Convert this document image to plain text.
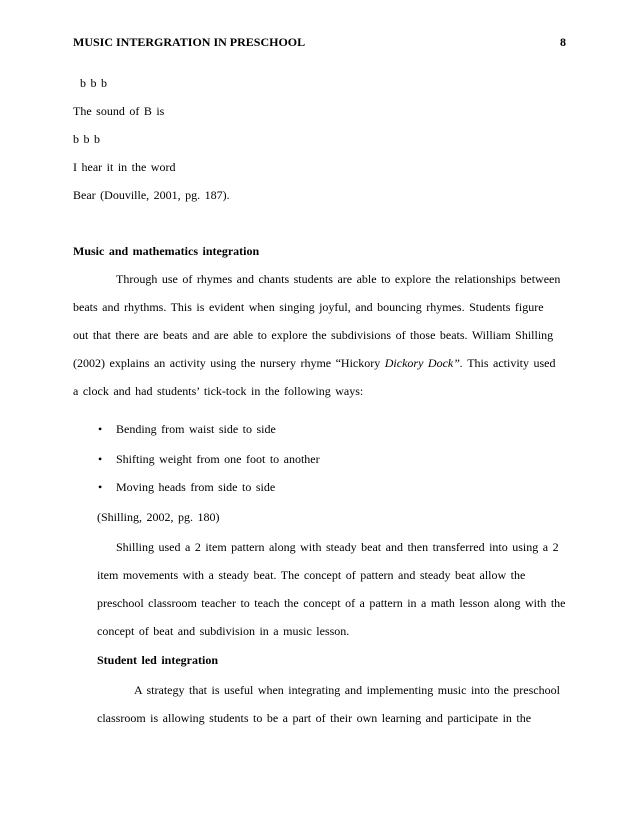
MUSIC INTERGRATION IN PRESCHOOL	8
b b b
The sound of B is
b b b
I hear it in the word
Bear (Douville, 2001, pg. 187).
Music and mathematics integration
Through use of rhymes and chants students are able to explore the relationships between
beats and rhythms. This is evident when singing joyful, and bouncing rhymes. Students figure
out that there are beats and are able to explore the subdivisions of those beats. William Shilling
(2002) explains an activity using the nursery rhyme “Hickory Dickory Dock”. This activity used
a clock and had students’ tick-tock in the following ways:
• Bending from waist side to side
• Shifting weight from one foot to another
• Moving heads from side to side
(Shilling, 2002, pg. 180)
Shilling used a 2 item pattern along with steady beat and then transferred into using a 2
item movements with a steady beat. The concept of pattern and steady beat allow the
preschool classroom teacher to teach the concept of a pattern in a math lesson along with the
concept of beat and subdivision in a music lesson.
Student led integration
A strategy that is useful when integrating and implementing music into the preschool
classroom is allowing students to be a part of their own learning and participate in the
